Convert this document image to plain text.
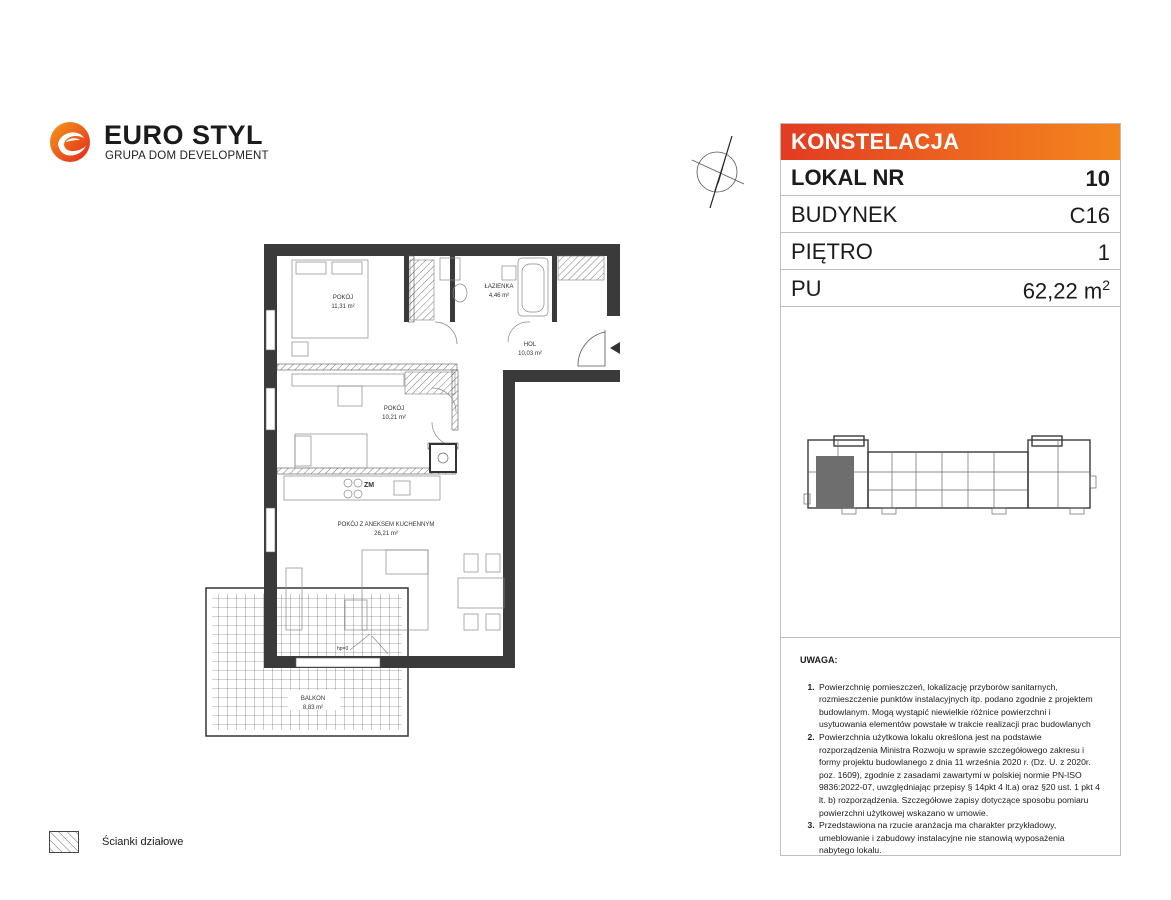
EURO STYL
GRUPA DOM DEVELOPMENT
POKÓJ
11,31 m²
ŁAZIENKA
4,46 m²
HOL
10,03 m²
POKÓJ
10,21 m²
POKÓJ Z ANEKSEM KUCHENNYM
26,21 m²
BALKON
8,83 m²
ZM
hp=0
KONSTELACJA
LOKAL NR	10
BUDYNEK	C16
PIĘTRO	1
PU	62,22 $m^2$
UWAGA:
1. Powierzchnię pomieszczeń, lokalizację przyborów sanitarnych, rozmieszczenie punktów instalacyjnych itp. podano zgodnie z projektem budowlanym. Mogą wystąpić niewielkie różnice powierzchni i usytuowania elementów powstałe w trakcie realizacji prac budowlanych
2. Powierzchnia użytkowa lokalu określona jest na podstawie rozporządzenia Ministra Rozwoju w sprawie szczegółowego zakresu i formy projektu budowlanego z dnia 11 września 2020 r. (Dz. U. z 2020r. poz. 1609), zgodnie z zasadami zawartymi w polskiej normie PN-ISO 9836:2022-07, uwzględniając przepisy § 14pkt 4 lt.a) oraz §20 ust. 1 pkt 4 lt. b) rozporządzenia. Szczegółowe zapisy dotyczące sposobu pomiaru powierzchni użytkowej wskazano w umowie.
3. Przedstawiona na rzucie aranżacja ma charakter przykładowy, umeblowanie i zabudowy instalacyjne nie stanowią wyposażenia nabytego lokalu.
Ścianki działowe
